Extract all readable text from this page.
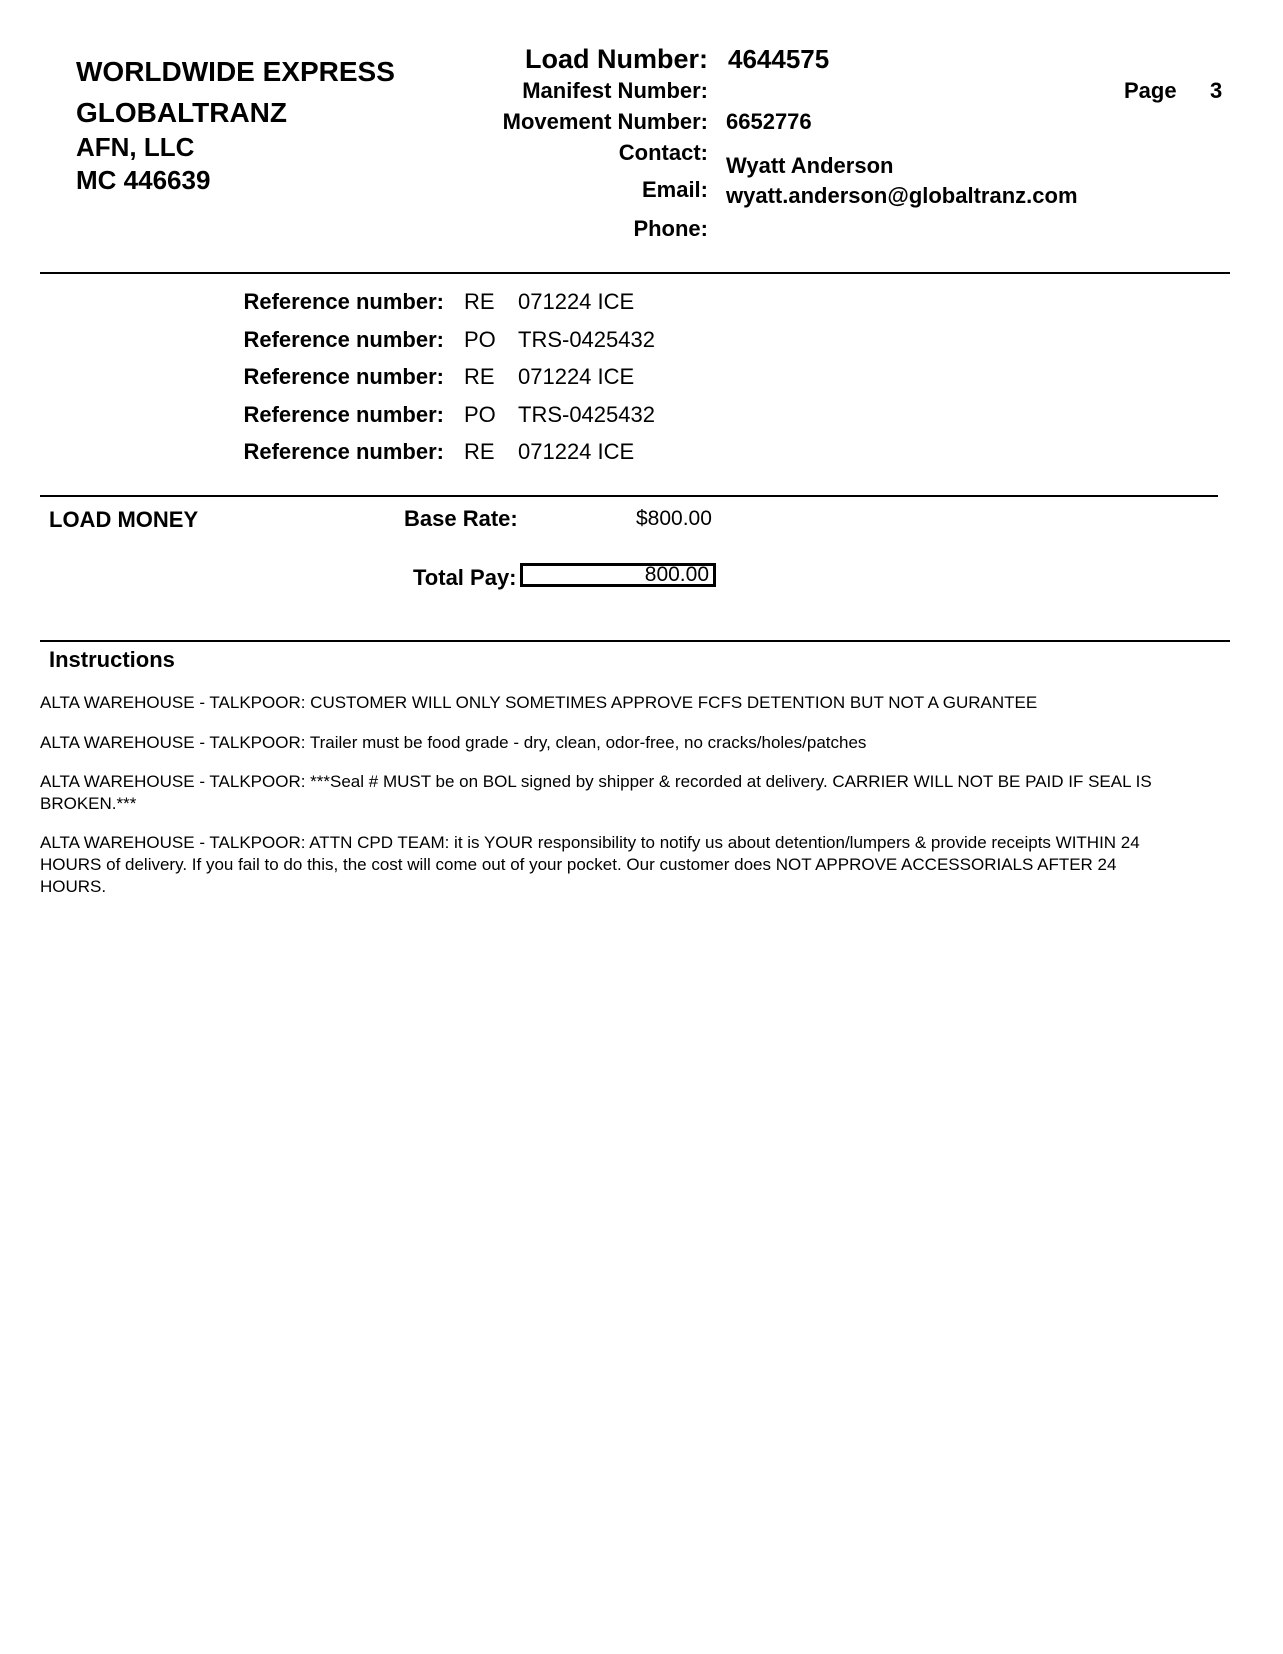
WORLDWIDE EXPRESS
GLOBALTRANZ
AFN, LLC
MC 446639
Load Number: 4644575
Manifest Number:
Movement Number: 6652776
Contact:
Wyatt Anderson
Email: wyatt.anderson@globaltranz.com
Phone:
Page 3
Reference number: RE 071224 ICE
Reference number: PO TRS-0425432
Reference number: RE 071224 ICE
Reference number: PO TRS-0425432
Reference number: RE 071224 ICE
LOAD MONEY	Base Rate:	$800.00
Total Pay:	800.00
Instructions
ALTA WAREHOUSE - TALKPOOR: CUSTOMER WILL ONLY SOMETIMES APPROVE FCFS DETENTION BUT NOT A GURANTEE
ALTA WAREHOUSE - TALKPOOR: Trailer must be food grade - dry, clean, odor-free, no cracks/holes/patches
ALTA WAREHOUSE - TALKPOOR: ***Seal # MUST be on BOL signed by shipper & recorded at delivery. CARRIER WILL NOT BE PAID IF SEAL IS BROKEN.***
ALTA WAREHOUSE - TALKPOOR: ATTN CPD TEAM: it is YOUR responsibility to notify us about detention/lumpers & provide receipts WITHIN 24 HOURS of delivery. If you fail to do this, the cost will come out of your pocket. Our customer does NOT APPROVE ACCESSORIALS AFTER 24 HOURS.
